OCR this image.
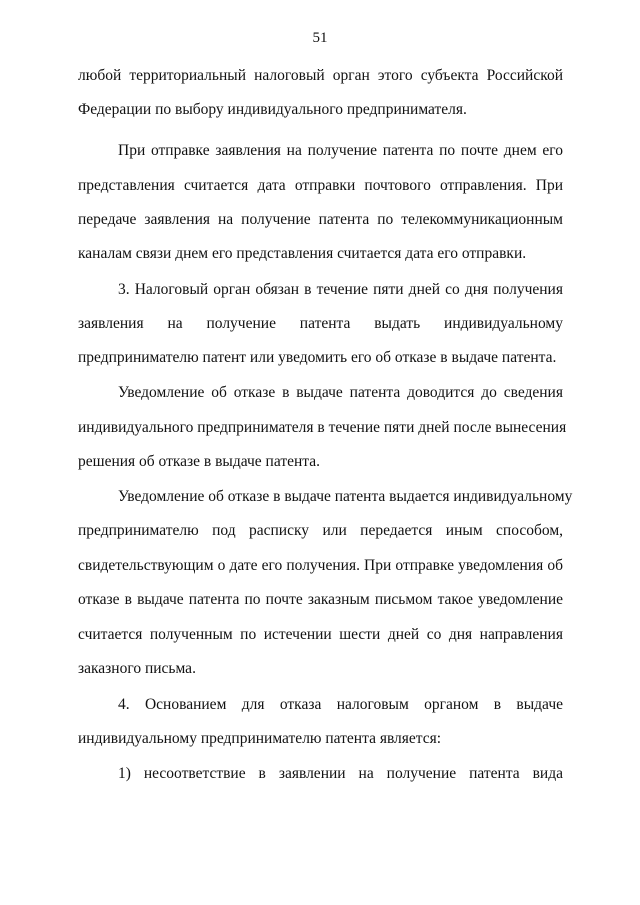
51
любой территориальный налоговый орган этого субъекта Российской
Федерации по выбору индивидуального предпринимателя.
При отправке заявления на получение патента по почте днем его
представления считается дата отправки почтового отправления. При
передаче заявления на получение патента по телекоммуникационным
каналам связи днем его представления считается дата его отправки.
3. Налоговый орган обязан в течение пяти дней со дня получения
заявления на получение патента выдать индивидуальному
предпринимателю патент или уведомить его об отказе в выдаче патента.
Уведомление об отказе в выдаче патента доводится до сведения
индивидуального предпринимателя в течение пяти дней после вынесения
решения об отказе в выдаче патента.
Уведомление об отказе в выдаче патента выдается индивидуальному
предпринимателю под расписку или передается иным способом,
свидетельствующим о дате его получения. При отправке уведомления об
отказе в выдаче патента по почте заказным письмом такое уведомление
считается полученным по истечении шести дней со дня направления
заказного письма.
4. Основанием для отказа налоговым органом в выдаче
индивидуальному предпринимателю патента является:
1) несоответствие в заявлении на получение патента вида
